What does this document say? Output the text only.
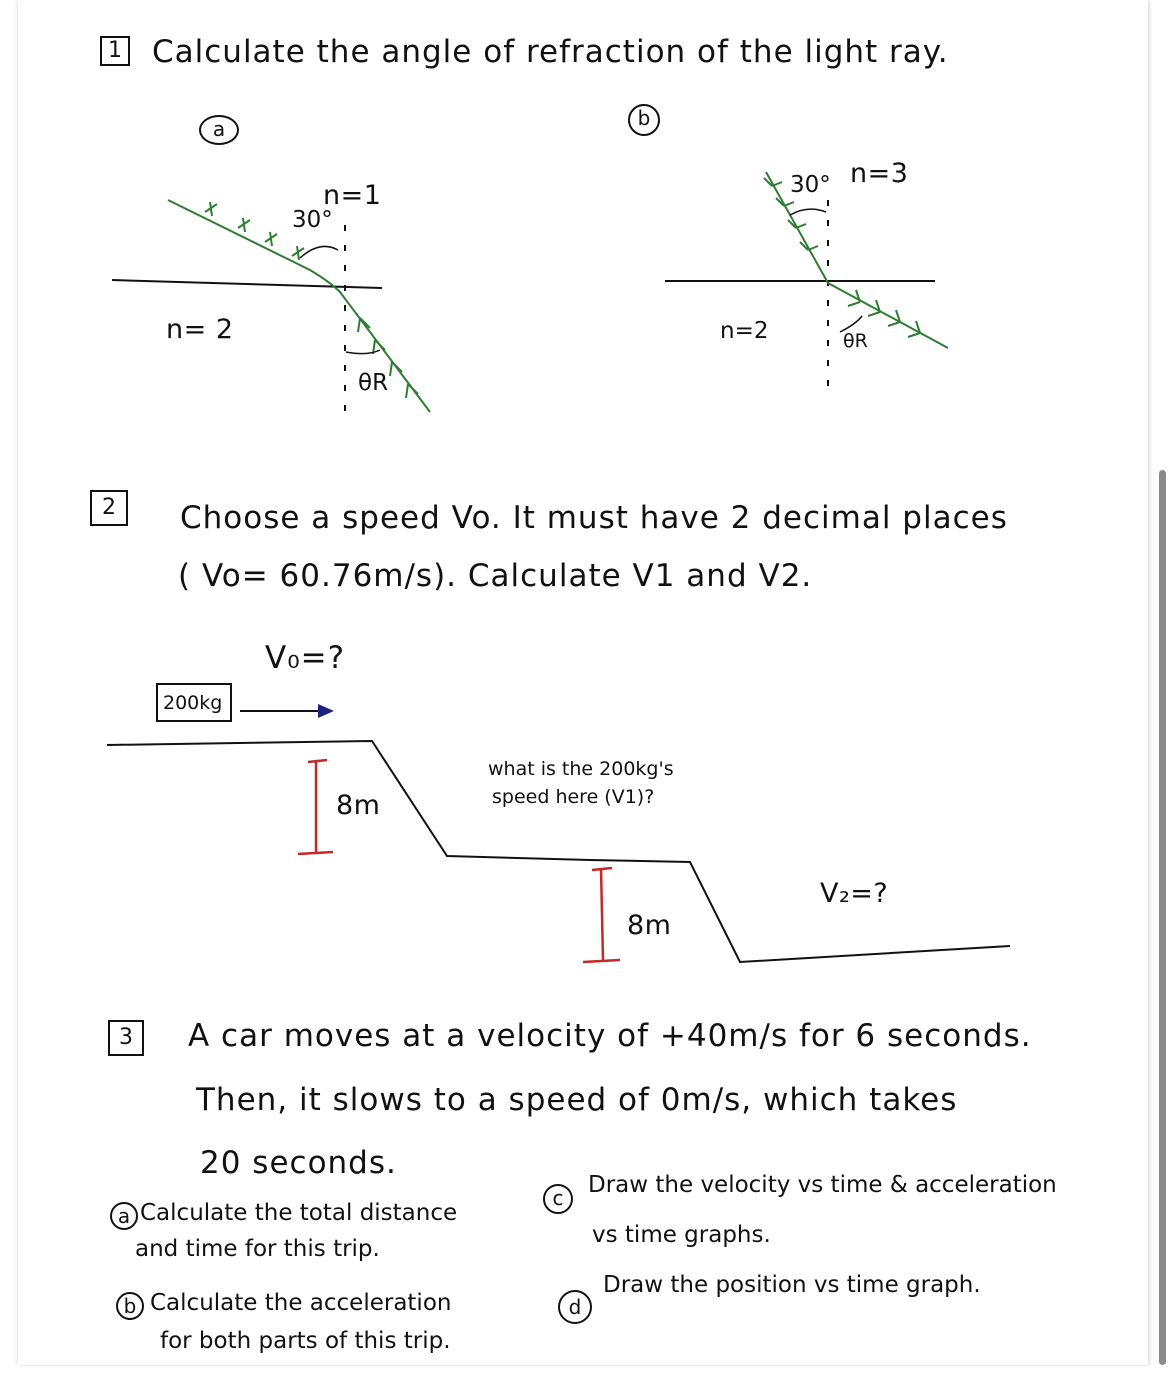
1 Calculate the angle of refraction of the light ray.
a	b
n=1
30°
n= 2
θR
30° n=3
n=2	θR
2	Choose a speed Vo. It must have 2 decimal places
( Vo= 60.76m/s). Calculate V1 and V2.
V₀=?
200kg
8m
what is the 200kg's
speed here (V1)?
8m
V₂=?
3	A car moves at a velocity of +40m/s for 6 seconds.
Then, it slows to a speed of 0m/s, which takes
20 seconds.
a Calculate the total distance
and time for this trip.
b Calculate the acceleration
for both parts of this trip.
c	Draw the velocity vs time & acceleration
vs time graphs.
d
Draw the position vs time graph.
